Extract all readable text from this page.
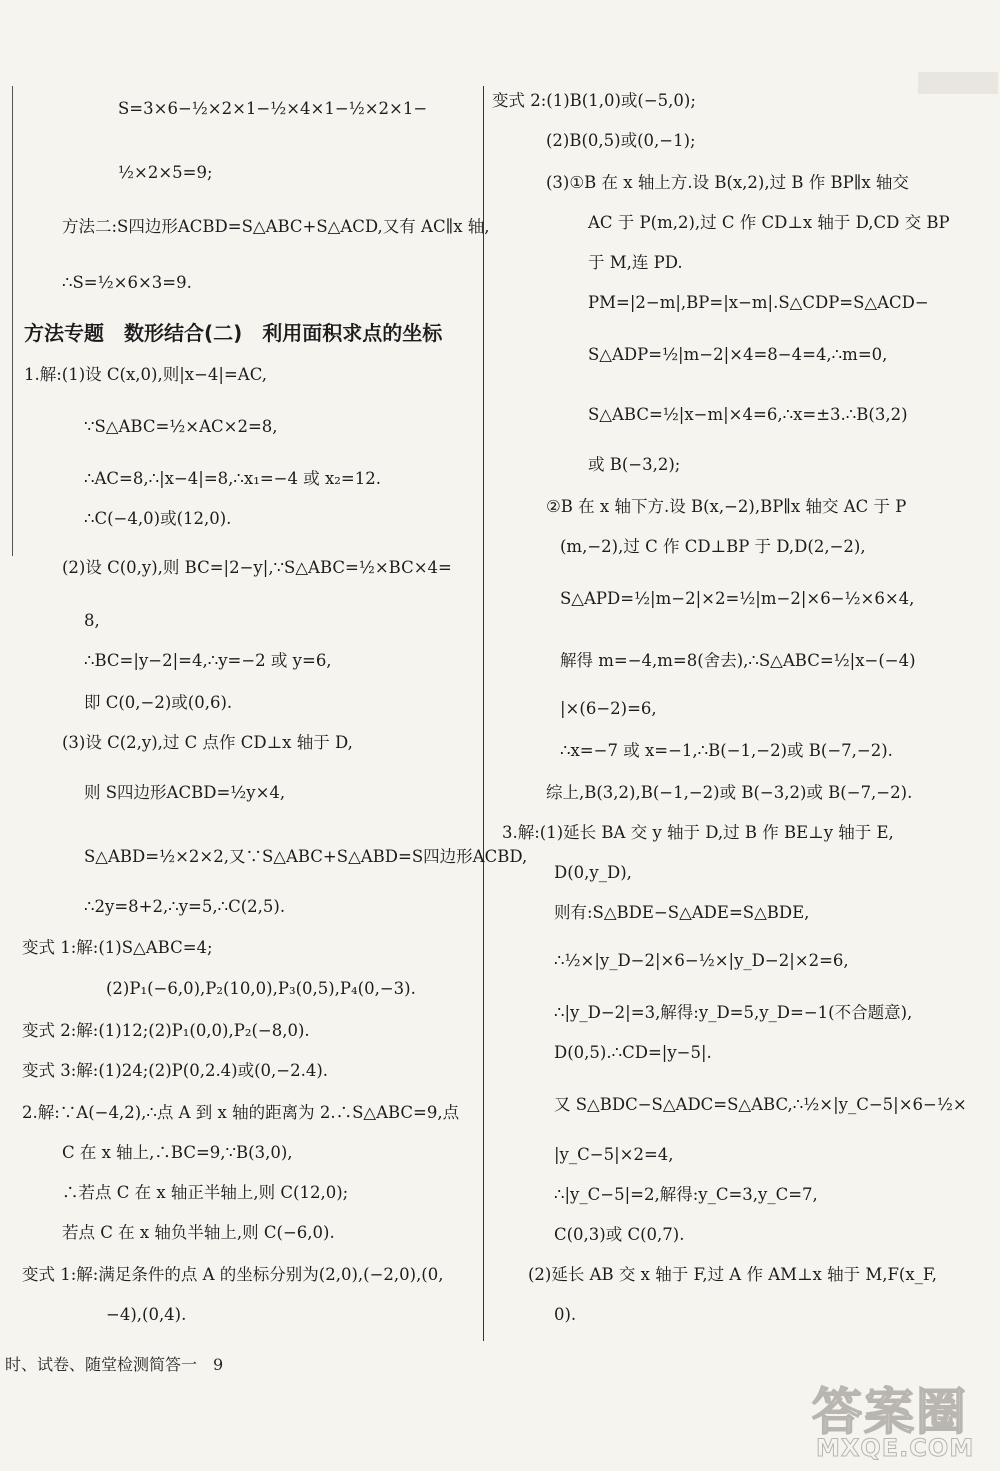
S=3×6−½×2×1−½×4×1−½×2×1−
½×2×5=9;
方法二:S四边形ACBD=S△ABC+S△ACD,又有 AC∥x 轴,
∴S=½×6×3=9.
方法专题　数形结合(二)　利用面积求点的坐标
1.解:(1)设 C(x,0),则|x−4|=AC,
∵S△ABC=½×AC×2=8,
∴AC=8,∴|x−4|=8,∴x₁=−4 或 x₂=12.
∴C(−4,0)或(12,0).
(2)设 C(0,y),则 BC=|2−y|,∵S△ABC=½×BC×4=
8,
∴BC=|y−2|=4,∴y=−2 或 y=6,
即 C(0,−2)或(0,6).
(3)设 C(2,y),过 C 点作 CD⊥x 轴于 D,
则 S四边形ACBD=½y×4,
S△ABD=½×2×2,又∵S△ABC+S△ABD=S四边形ACBD,
∴2y=8+2,∴y=5,∴C(2,5).
变式 1:解:(1)S△ABC=4;
(2)P₁(−6,0),P₂(10,0),P₃(0,5),P₄(0,−3).
变式 2:解:(1)12;(2)P₁(0,0),P₂(−8,0).
变式 3:解:(1)24;(2)P(0,2.4)或(0,−2.4).
2.解:∵A(−4,2),∴点 A 到 x 轴的距离为 2.∴S△ABC=9,点
C 在 x 轴上,∴BC=9,∵B(3,0),
∴若点 C 在 x 轴正半轴上,则 C(12,0);
若点 C 在 x 轴负半轴上,则 C(−6,0).
变式 1:解:满足条件的点 A 的坐标分别为(2,0),(−2,0),(0,
−4),(0,4).
变式 2:(1)B(1,0)或(−5,0);
(2)B(0,5)或(0,−1);
(3)①B 在 x 轴上方.设 B(x,2),过 B 作 BP∥x 轴交
AC 于 P(m,2),过 C 作 CD⊥x 轴于 D,CD 交 BP
于 M,连 PD.
PM=|2−m|,BP=|x−m|.S△CDP=S△ACD−
S△ADP=½|m−2|×4=8−4=4,∴m=0,
S△ABC=½|x−m|×4=6,∴x=±3.∴B(3,2)
或 B(−3,2);
②B 在 x 轴下方.设 B(x,−2),BP∥x 轴交 AC 于 P
(m,−2),过 C 作 CD⊥BP 于 D,D(2,−2),
S△APD=½|m−2|×2=½|m−2|×6−½×6×4,
解得 m=−4,m=8(舍去),∴S△ABC=½|x−(−4)
|×(6−2)=6,
∴x=−7 或 x=−1,∴B(−1,−2)或 B(−7,−2).
综上,B(3,2),B(−1,−2)或 B(−3,2)或 B(−7,−2).
3.解:(1)延长 BA 交 y 轴于 D,过 B 作 BE⊥y 轴于 E,
D(0,y_D),
则有:S△BDE−S△ADE=S△BDE,
∴½×|y_D−2|×6−½×|y_D−2|×2=6,
∴|y_D−2|=3,解得:y_D=5,y_D=−1(不合题意),
D(0,5).∴CD=|y−5|.
又 S△BDC−S△ADC=S△ABC,∴½×|y_C−5|×6−½×
|y_C−5|×2=4,
∴|y_C−5|=2,解得:y_C=3,y_C=7,
C(0,3)或 C(0,7).
(2)延长 AB 交 x 轴于 F,过 A 作 AM⊥x 轴于 M,F(x_F,
0).
时、试卷、随堂检测简答一　9
答案圈
MXQE.COM
